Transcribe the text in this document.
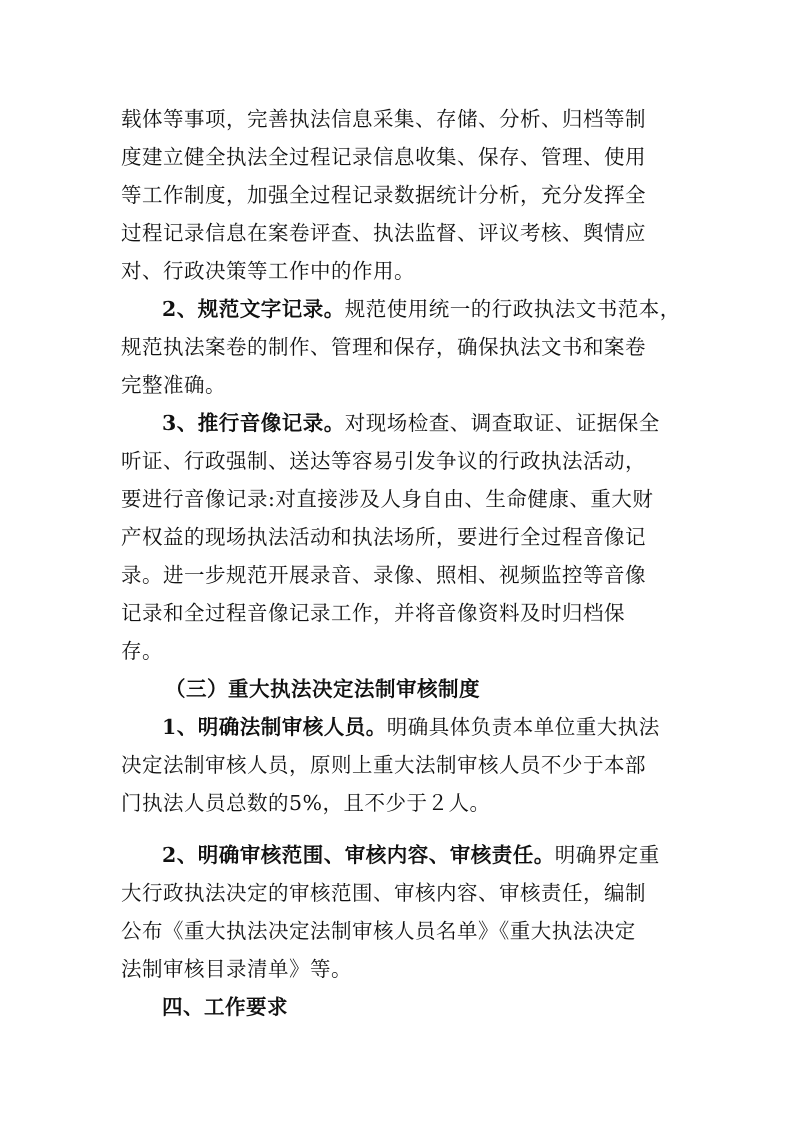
载体等事项，完善执法信息采集、存储、分析、归档等制
度建立健全执法全过程记录信息收集、保存、管理、使用
等工作制度，加强全过程记录数据统计分析，充分发挥全
过程记录信息在案卷评查、执法监督、评议考核、舆情应
对、行政决策等工作中的作用。
2、规范文字记录。规范使用统一的行政执法文书范本，
规范执法案卷的制作、管理和保存，确保执法文书和案卷
完整准确。
3、推行音像记录。对现场检查、调查取证、证据保全
听证、行政强制、送达等容易引发争议的行政执法活动，
要进行音像记录:对直接涉及人身自由、生命健康、重大财
产权益的现场执法活动和执法场所，要进行全过程音像记
录。进一步规范开展录音、录像、照相、视频监控等音像
记录和全过程音像记录工作，并将音像资料及时归档保
存。
（三）重大执法决定法制审核制度
1、明确法制审核人员。明确具体负责本单位重大执法
决定法制审核人员，原则上重大法制审核人员不少于本部
门执法人员总数的5%，且不少于２人。
2、明确审核范围、审核内容、审核责任。明确界定重
大行政执法决定的审核范围、审核内容、审核责任，编制
公布《重大执法决定法制审核人员名单》《重大执法决定
法制审核目录清单》等。
四、工作要求
